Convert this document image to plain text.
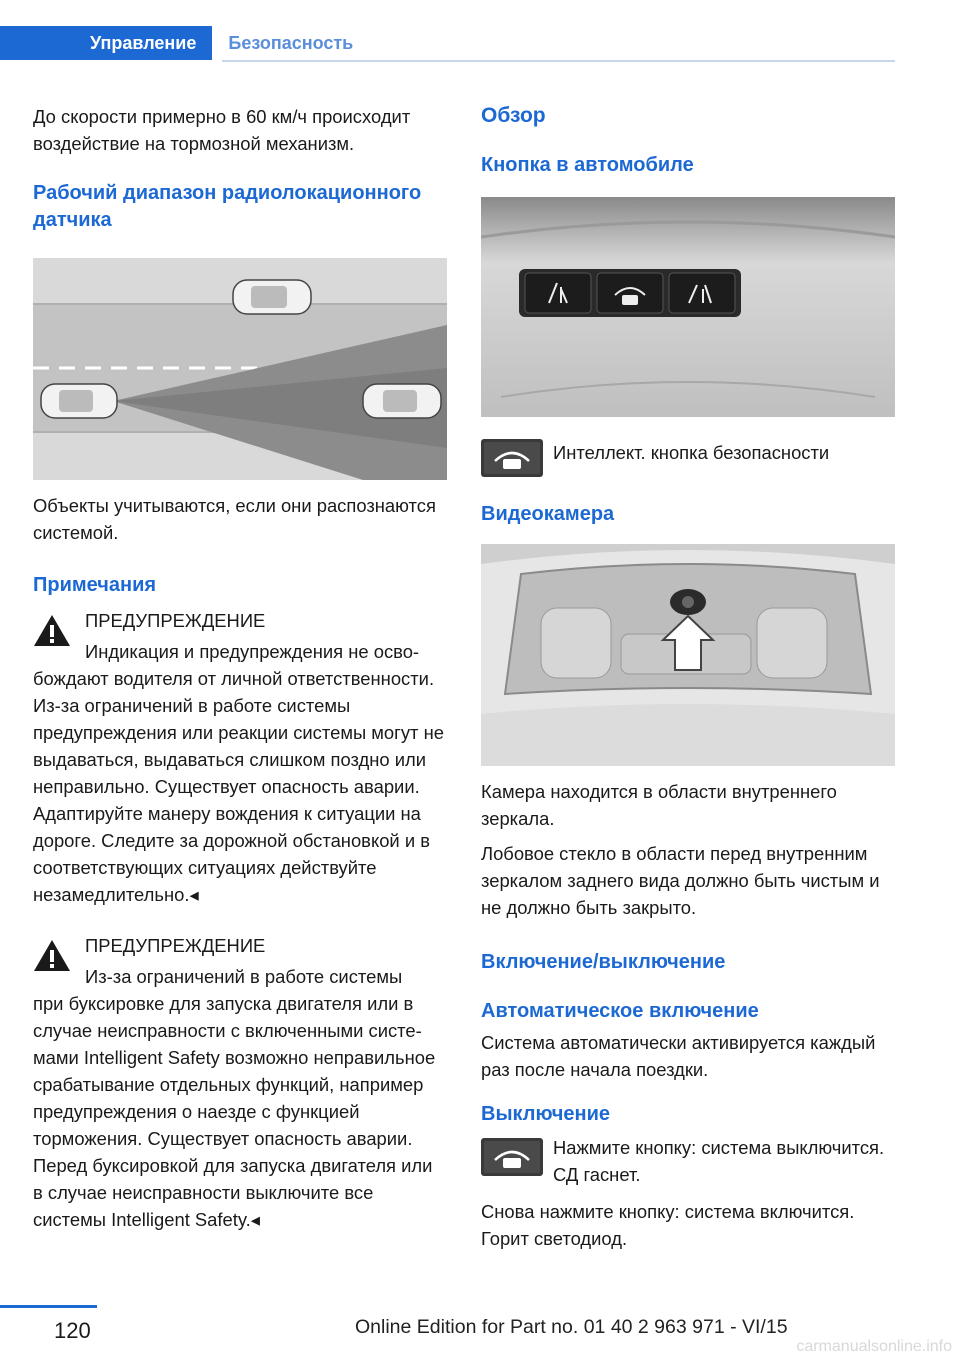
Управление	Безопасность

До скорости примерно в 60 км/ч происходит воздействие на тормозной механизм.

Рабочий диапазон радиолокационного датчика

Объекты учитываются, если они распознаются системой.

Примечания

ПРЕДУПРЕЖДЕНИЕ

Индикация и предупреждения не осво-

бождают водителя от личной ответственности. Из-за ограничений в работе системы предупреждения или реакции системы могут не выдаваться, выдаваться слишком поздно или неправильно. Существует опасность аварии. Адаптируйте манеру вождения к ситуации на дороге. Следите за дорожной обстановкой и в соответствующих ситуациях действуйте незамедлительно.◂

ПРЕДУПРЕЖДЕНИЕ

Из-за ограничений в работе системы

при буксировке для запуска двигателя или в случае неисправности с включенными системами Intelligent Safety возможно неправильное срабатывание отдельных функций, например предупреждения о наезде с функцией торможения. Существует опасность аварии. Перед буксировкой для запуска двигателя или в случае неисправности выключите все системы Intelligent Safety.◂

Обзор

Кнопка в автомобиле

Интеллект. кнопка безопасности

Видеокамера

Камера находится в области внутреннего зеркала.

Лобовое стекло в области перед внутренним зеркалом заднего вида должно быть чистым и не должно быть закрыто.

Включение/выключение

Автоматическое включение

Система автоматически активируется каждый раз после начала поездки.

Выключение

Нажмите кнопку: система выключится. СД гаснет.

Снова нажмите кнопку: система включится. Горит светодиод.

120	Online Edition for Part no. 01 40 2 963 971 - VI/15
carmanualsonline.info
